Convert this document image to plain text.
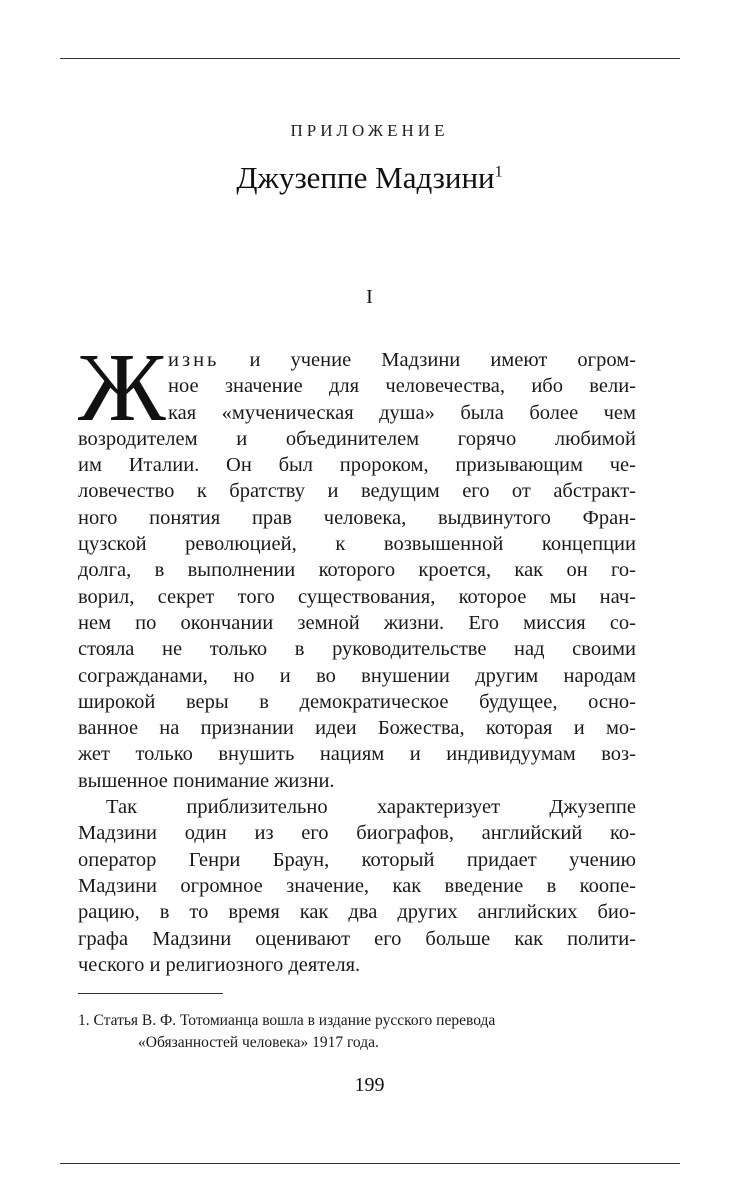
ПРИЛОЖЕНИЕ
Джузеппе Мадзини$^1$
I
Ж изнь и учение Мадзини имеют огром-
ное значение для человечества, ибо вели-
кая «мученическая душа» была более чем
возродителем и объединителем горячо любимой
им Италии. Он был пророком, призывающим че-
ловечество к братству и ведущим его от абстракт-
ного понятия прав человека, выдвинутого Фран-
цузской революцией, к возвышенной концепции
долга, в выполнении которого кроется, как он го-
ворил, секрет того существования, которое мы нач-
нем по окончании земной жизни. Его миссия со-
стояла не только в руководительстве над своими
согражданами, но и во внушении другим народам
широкой веры в демократическое будущее, осно-
ванное на признании идеи Божества, которая и мо-
жет только внушить нациям и индивидуумам воз-
вышенное понимание жизни.
Так приблизительно характеризует Джузеппе
Мадзини один из его биографов, английский ко-
оператор Генри Браун, который придает учению
Мадзини огромное значение, как введение в коопе-
рацию, в то время как два других английских био-
графа Мадзини оценивают его больше как полити-
ческого и религиозного деятеля.
1. Статья В. Ф. Тотомианца вошла в издание русского перевода
«Обязанностей человека» 1917 года.
199
